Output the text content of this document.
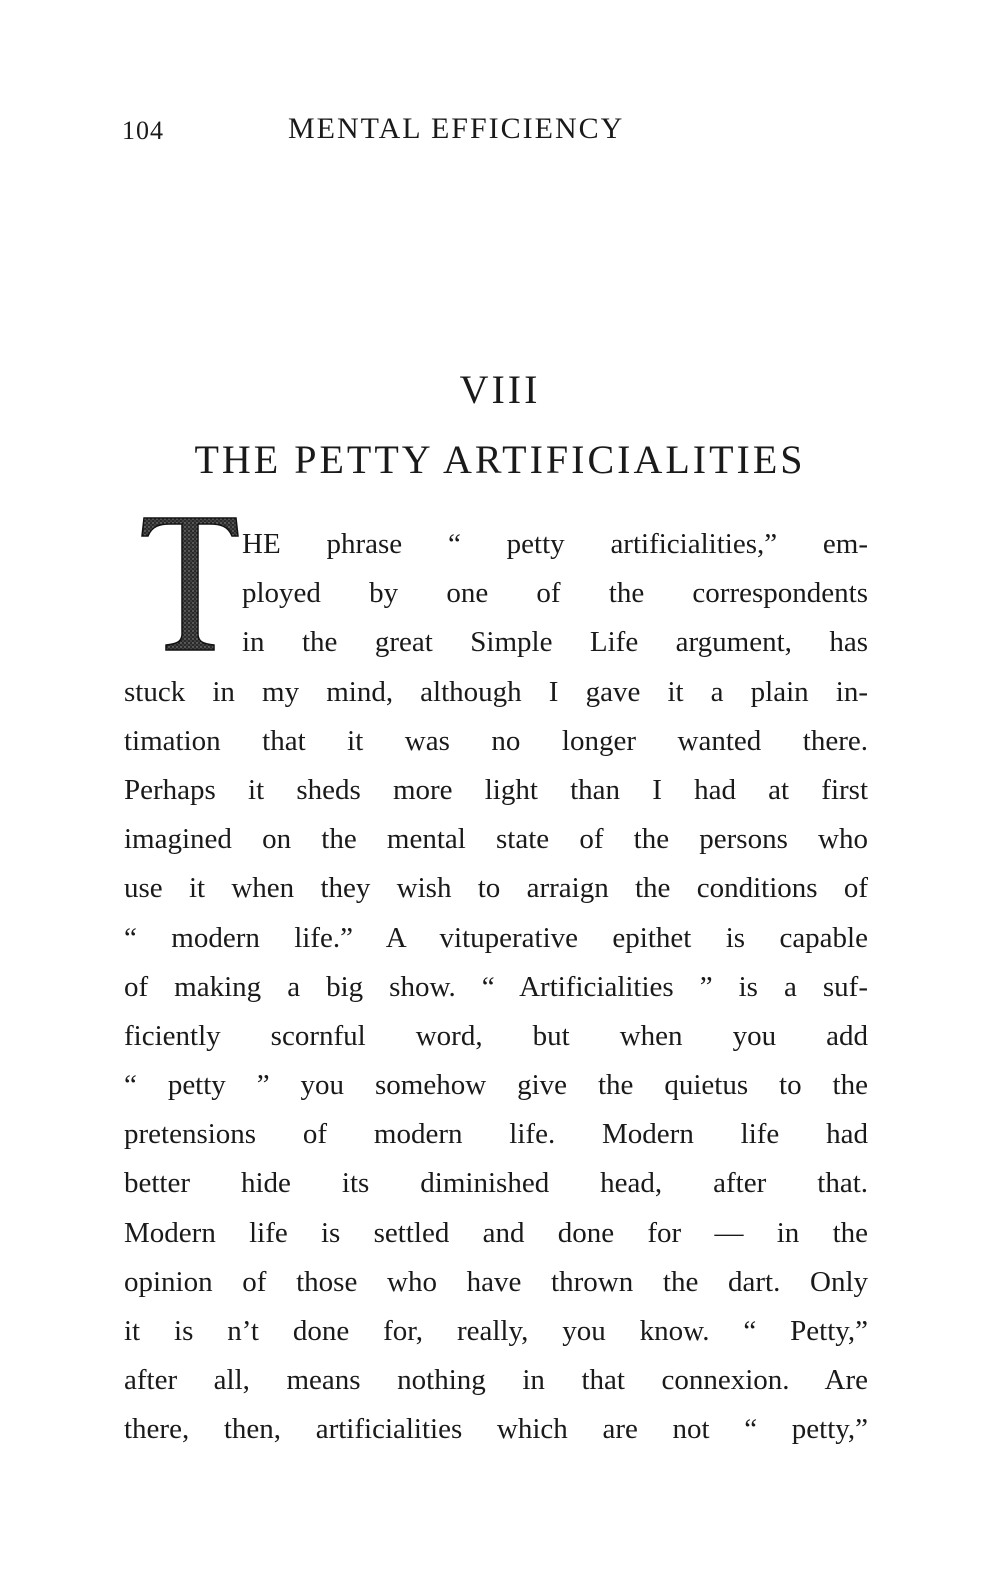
104	MENTAL EFFICIENCY
VIII
THE PETTY ARTIFICIALITIES
HE phrase “ petty artificialities,” em-
ployed by one of the correspondents
in the great Simple Life argument, has
stuck in my mind, although I gave it a plain in-
timation that it was no longer wanted there.
Perhaps it sheds more light than I had at first
imagined on the mental state of the persons who
use it when they wish to arraign the conditions of
“ modern life.” A vituperative epithet is capable
of making a big show. “ Artificialities ” is a suf-
ficiently scornful word, but when you add
“ petty ” you somehow give the quietus to the
pretensions of modern life. Modern life had
better hide its diminished head, after that.
Modern life is settled and done for — in the
opinion of those who have thrown the dart. Only
it is n’t done for, really, you know. “ Petty,”
after all, means nothing in that connexion. Are
there, then, artificialities which are not “ petty,”
